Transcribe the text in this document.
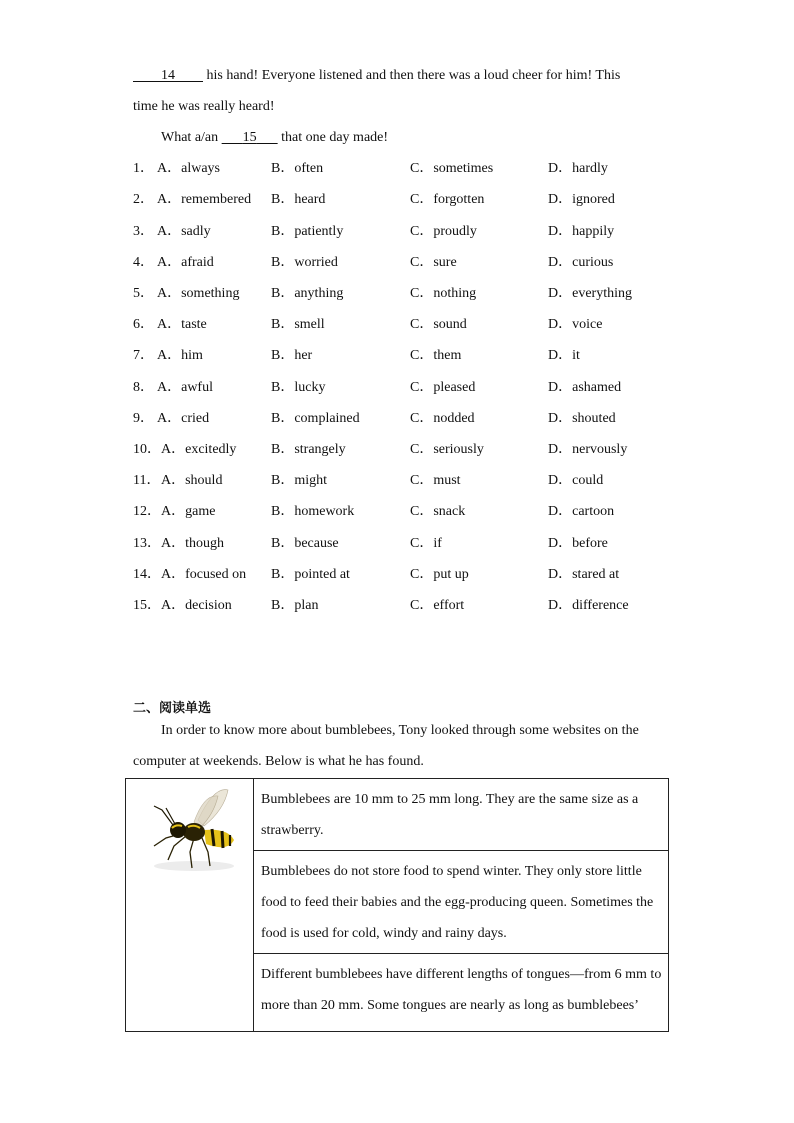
  14   his hand! Everyone listened and then there was a loud cheer for him! This
time he was really heard!
What a/an   15   that one day made!
1． A．always	B．often	C．sometimes	D．hardly
2． A．remembered B．heard	C．forgotten	D．ignored
3． A．sadly	B．patiently	C．proudly	D．happily
4． A．afraid	B．worried	C．sure	D．curious
5． A．something B．anything	C．nothing	D．everything
6． A．taste	B．smell	C．sound	D．voice
7． A．him	B．her	C．them	D．it
8． A．awful	B．lucky	C．pleased	D．ashamed
9． A．cried	B．complained	C．nodded	D．shouted
10． A．excitedly B．strangely	C．seriously	D．nervously
11． A．should	B．might	C．must	D．could
12． A．game	B．homework	C．snack	D．cartoon
13． A．though	B．because	C．if	D．before
14． A．focused on B．pointed at	C．put up	D．stared at
15． A．decision	B．plan	C．effort	D．difference
二、阅读单选
In order to know more about bumblebees, Tony looked through some websites on the
computer at weekends. Below is what he has found.
	Bumblebees are 10 mm to 25 mm long. They are the same size as a strawberry.
Bumblebees do not store food to spend winter. They only store little food to feed their babies and the egg-producing queen. Sometimes the food is used for cold, windy and rainy days.
Different bumblebees have different lengths of tongues—from 6 mm to more than 20 mm. Some tongues are nearly as long as bumblebees’
